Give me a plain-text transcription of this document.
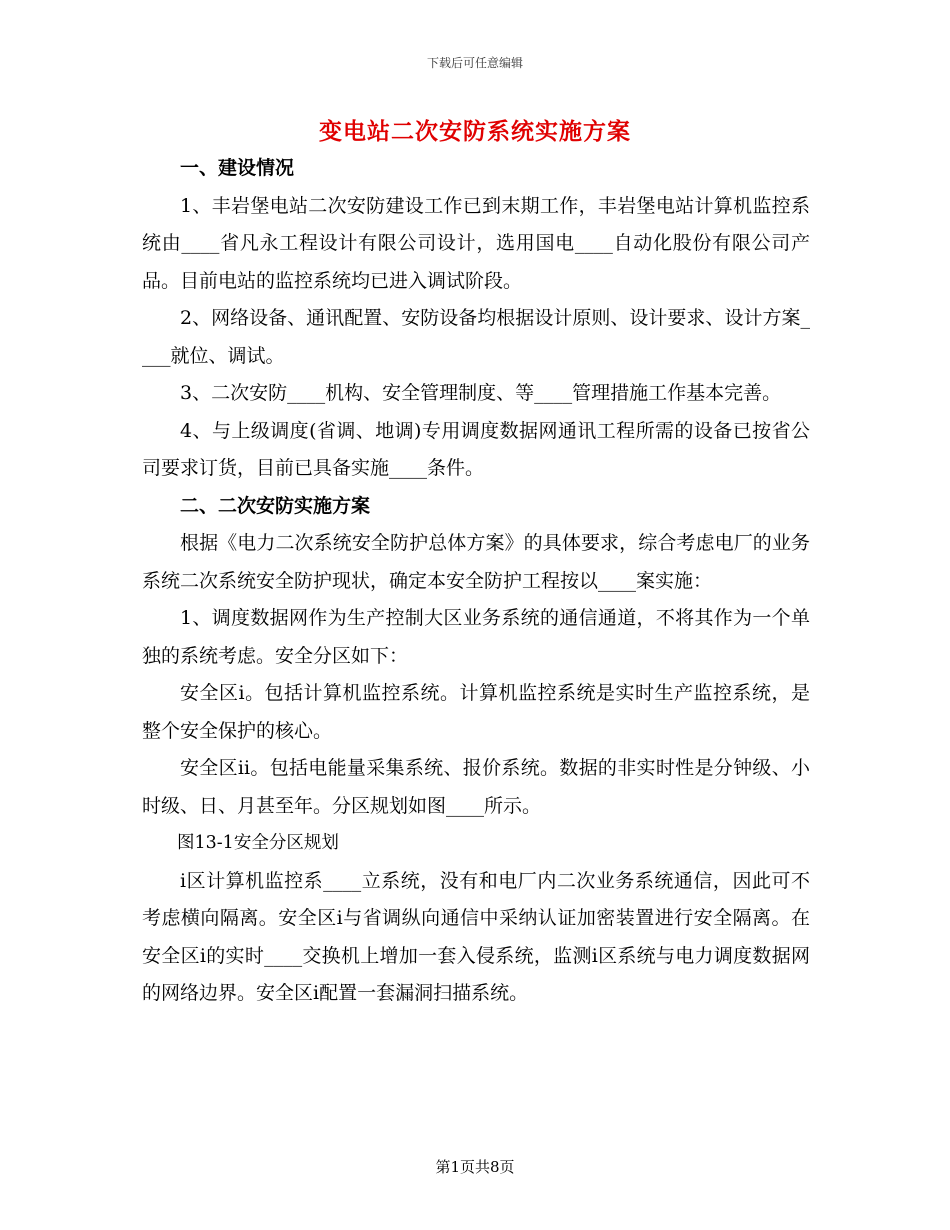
下载后可任意编辑
变电站二次安防系统实施方案

一、建设情况

1、丰岩堡电站二次安防建设工作已到末期工作，丰岩堡电站计算机监控系统由____省凡永工程设计有限公司设计，选用国电____自动化股份有限公司产品。目前电站的监控系统均已进入调试阶段。

2、网络设备、通讯配置、安防设备均根据设计原则、设计要求、设计方案____就位、调试。

3、二次安防____机构、安全管理制度、等____管理措施工作基本完善。

4、与上级调度(省调、地调)专用调度数据网通讯工程所需的设备已按省公司要求订货，目前已具备实施____条件。

二、二次安防实施方案

根据《电力二次系统安全防护总体方案》的具体要求，综合考虑电厂的业务系统二次系统安全防护现状，确定本安全防护工程按以____案实施：

1、调度数据网作为生产控制大区业务系统的通信通道，不将其作为一个单独的系统考虑。安全分区如下：

安全区i。包括计算机监控系统。计算机监控系统是实时生产监控系统，是整个安全保护的核心。

安全区ii。包括电能量采集系统、报价系统。数据的非实时性是分钟级、小时级、日、月甚至年。分区规划如图____所示。

图13-1安全分区规划

i区计算机监控系____立系统，没有和电厂内二次业务系统通信，因此可不考虑横向隔离。安全区i与省调纵向通信中采纳认证加密装置进行安全隔离。在安全区i的实时____交换机上增加一套入侵系统，监测i区系统与电力调度数据网的网络边界。安全区i配置一套漏洞扫描系统。

第1页共8页
